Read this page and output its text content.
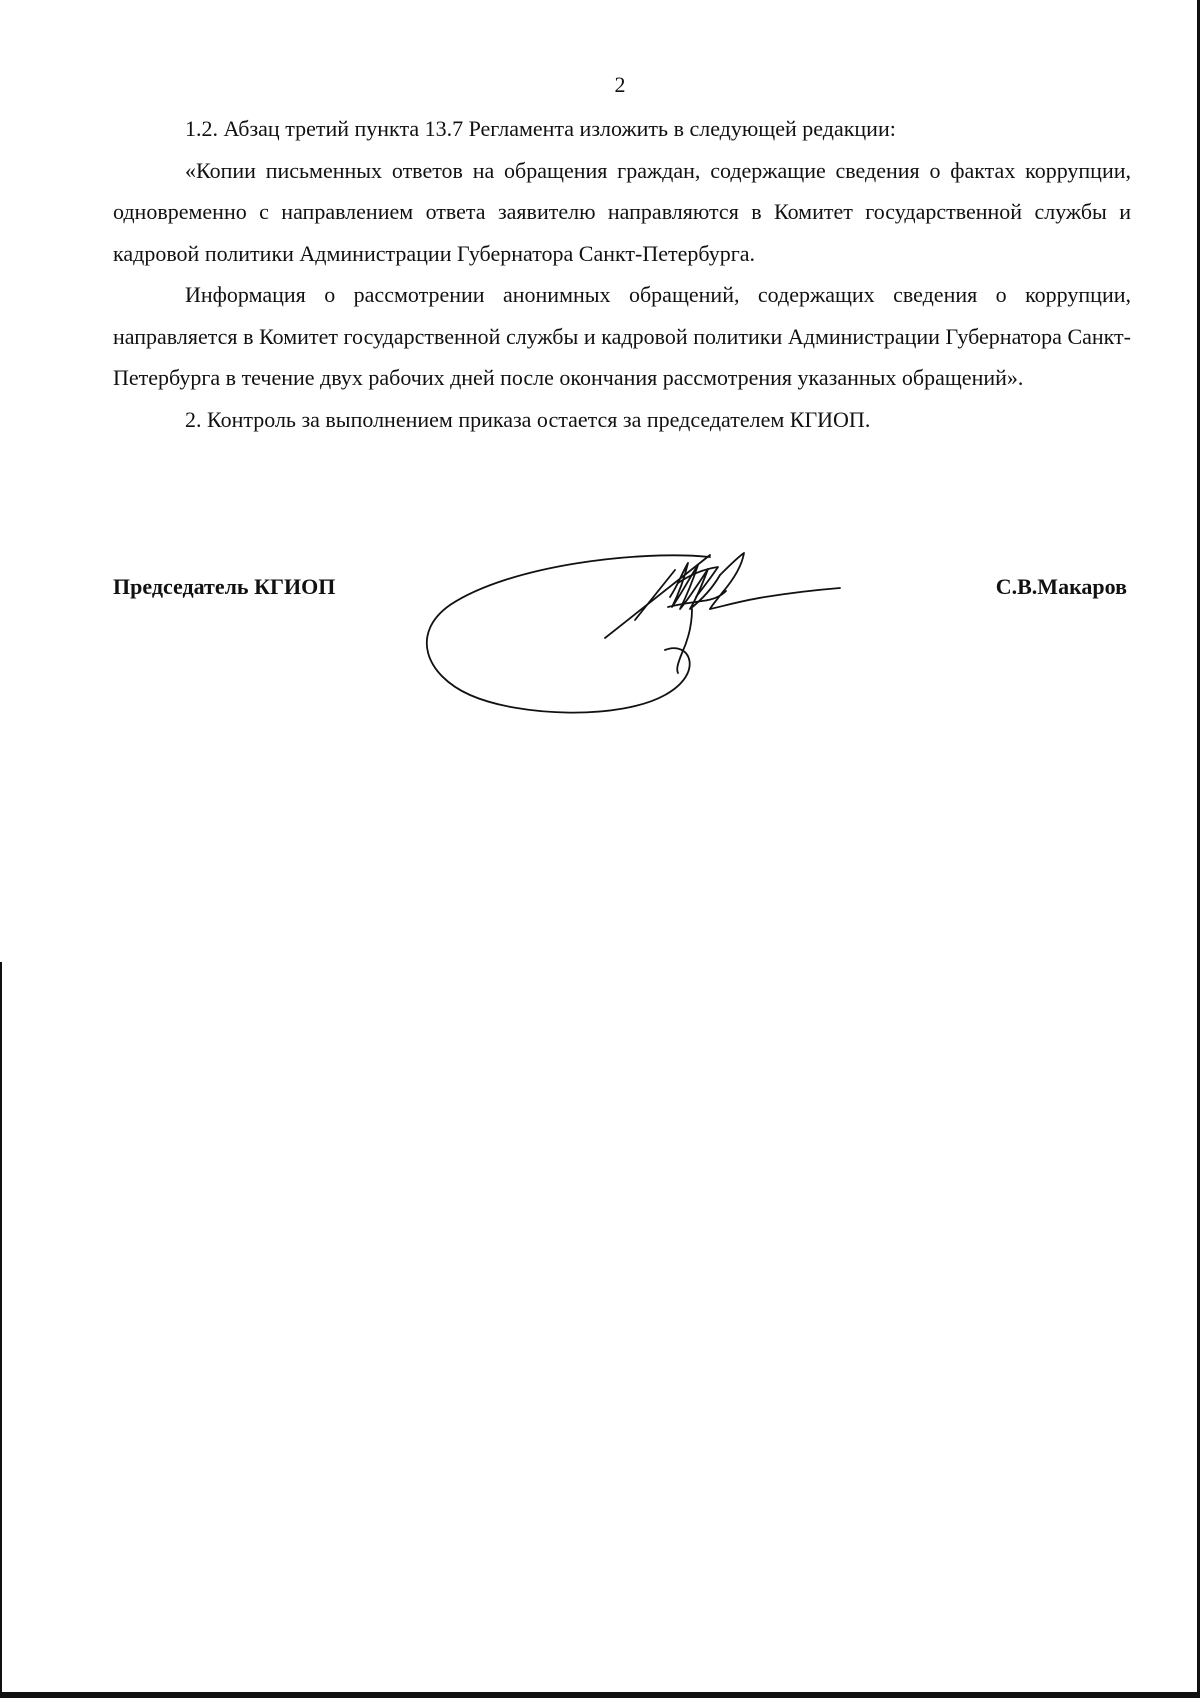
2

1.2. Абзац третий пункта 13.7 Регламента изложить в следующей редакции:

«Копии письменных ответов на обращения граждан, содержащие сведения о фактах коррупции, одновременно с направлением ответа заявителю направляются в Комитет государственной службы и кадровой политики Администрации Губернатора Санкт-Петербурга.

Информация о рассмотрении анонимных обращений, содержащих сведения о коррупции, направляется в Комитет государственной службы и кадровой политики Администрации Губернатора Санкт-Петербурга в течение двух рабочих дней после окончания рассмотрения указанных обращений».

2. Контроль за выполнением приказа остается за председателем КГИОП.

Председатель КГИОП	С.В.Макаров
